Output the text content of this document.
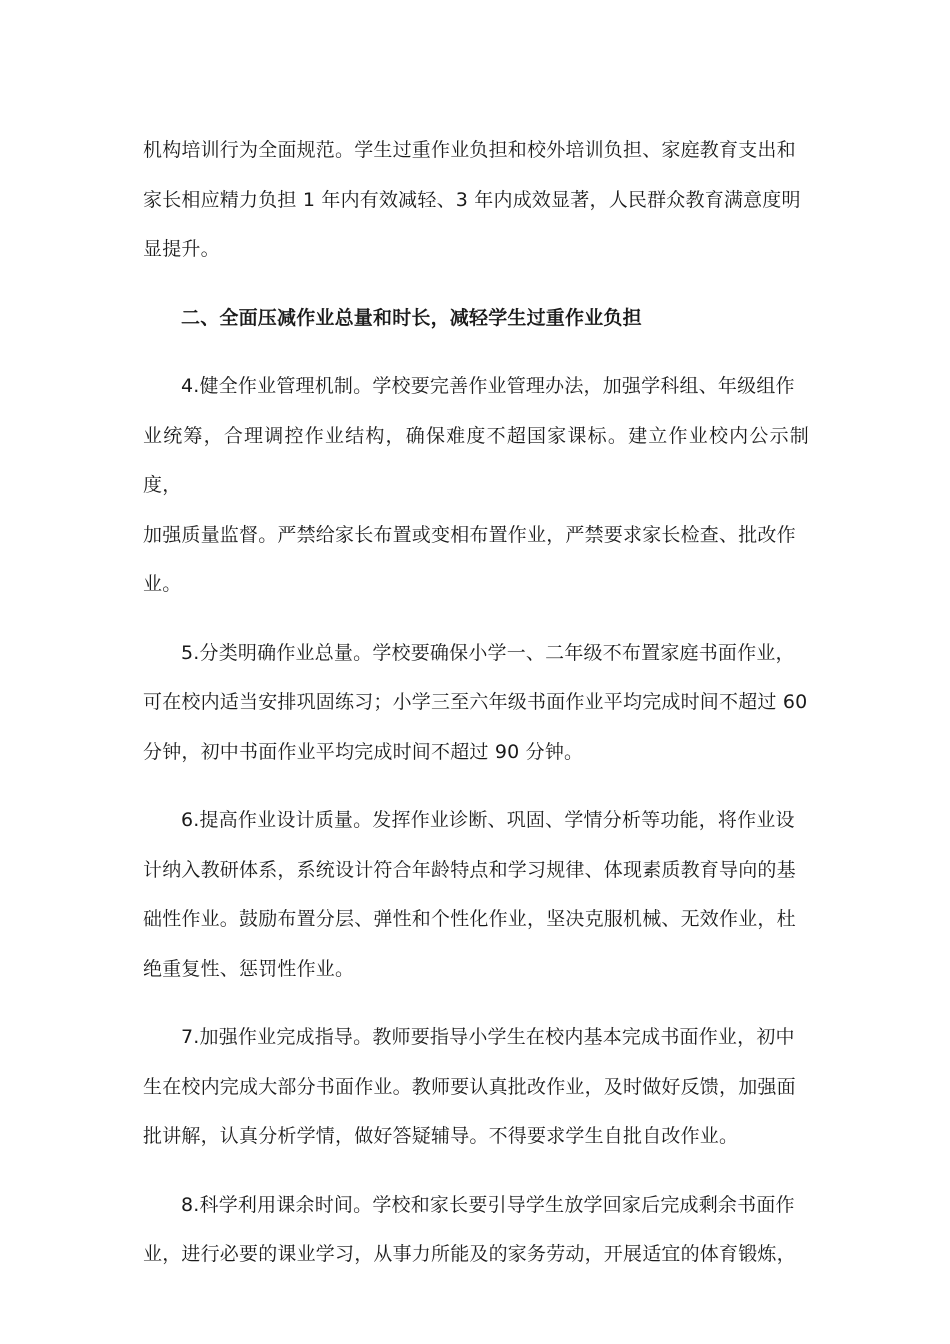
机构培训行为全面规范。学生过重作业负担和校外培训负担、家庭教育支出和
家长相应精力负担 1 年内有效减轻、3 年内成效显著，人民群众教育满意度明
显提升。

二、全面压减作业总量和时长，减轻学生过重作业负担

4.健全作业管理机制。学校要完善作业管理办法，加强学科组、年级组作
业统筹，合理调控作业结构，确保难度不超国家课标。建立作业校内公示制度，
加强质量监督。严禁给家长布置或变相布置作业，严禁要求家长检查、批改作
业。

5.分类明确作业总量。学校要确保小学一、二年级不布置家庭书面作业，
可在校内适当安排巩固练习；小学三至六年级书面作业平均完成时间不超过 60
分钟，初中书面作业平均完成时间不超过 90 分钟。

6.提高作业设计质量。发挥作业诊断、巩固、学情分析等功能，将作业设
计纳入教研体系，系统设计符合年龄特点和学习规律、体现素质教育导向的基
础性作业。鼓励布置分层、弹性和个性化作业，坚决克服机械、无效作业，杜
绝重复性、惩罚性作业。

7.加强作业完成指导。教师要指导小学生在校内基本完成书面作业，初中
生在校内完成大部分书面作业。教师要认真批改作业，及时做好反馈，加强面
批讲解，认真分析学情，做好答疑辅导。不得要求学生自批自改作业。

8.科学利用课余时间。学校和家长要引导学生放学回家后完成剩余书面作
业，进行必要的课业学习，从事力所能及的家务劳动，开展适宜的体育锻炼，
